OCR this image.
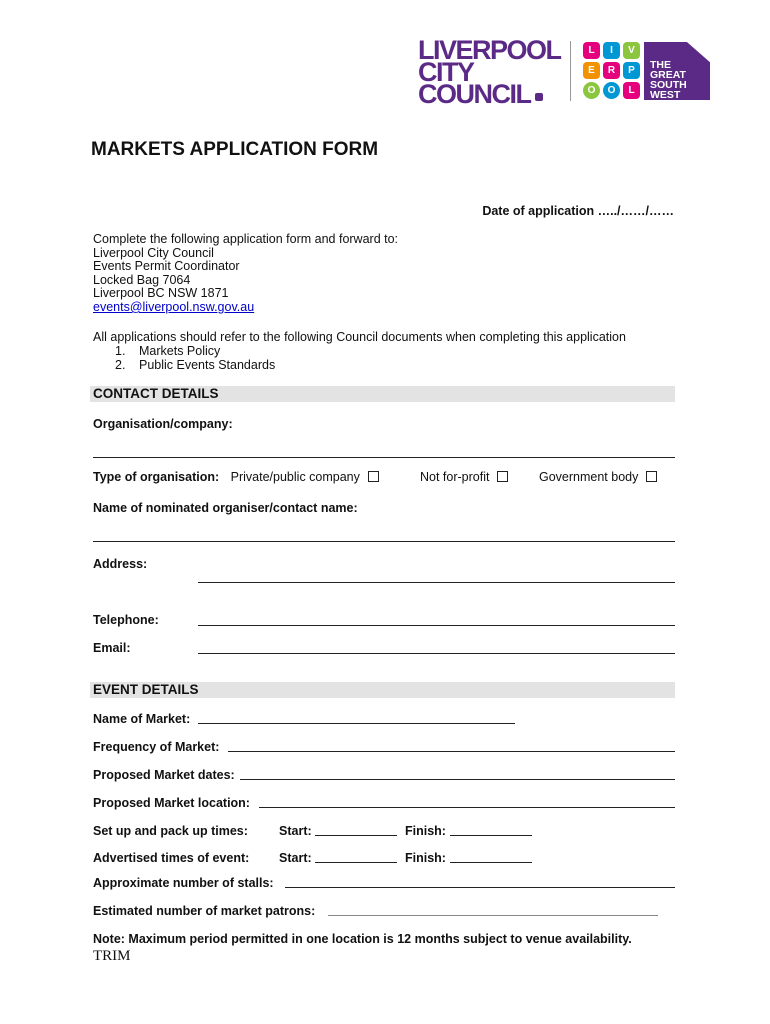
LIVERPOOL
CITY
COUNCIL
L	I	V
E	R	P
O	O	L
THE
GREAT
SOUTH
WEST
MARKETS APPLICATION FORM
Date of application …../……/……
Complete the following application form and forward to:
Liverpool City Council
Events Permit Coordinator
Locked Bag 7064
Liverpool BC NSW 1871
events@liverpool.nsw.gov.au
All applications should refer to the following Council documents when completing this application
1. Markets Policy
2. Public Events Standards
CONTACT DETAILS
Organisation/company:
Type of organisation: Private/public company	Not for-profit	Government body
Name of nominated organiser/contact name:
Address:
Telephone:
Email:
EVENT DETAILS
Name of Market:
Frequency of Market:
Proposed Market dates:
Proposed Market location:
Set up and pack up times: Start:	Finish:
Advertised times of event: Start:	Finish:
Approximate number of stalls:
Estimated number of market patrons:
Note: Maximum period permitted in one location is 12 months subject to venue availability.
TRIM
